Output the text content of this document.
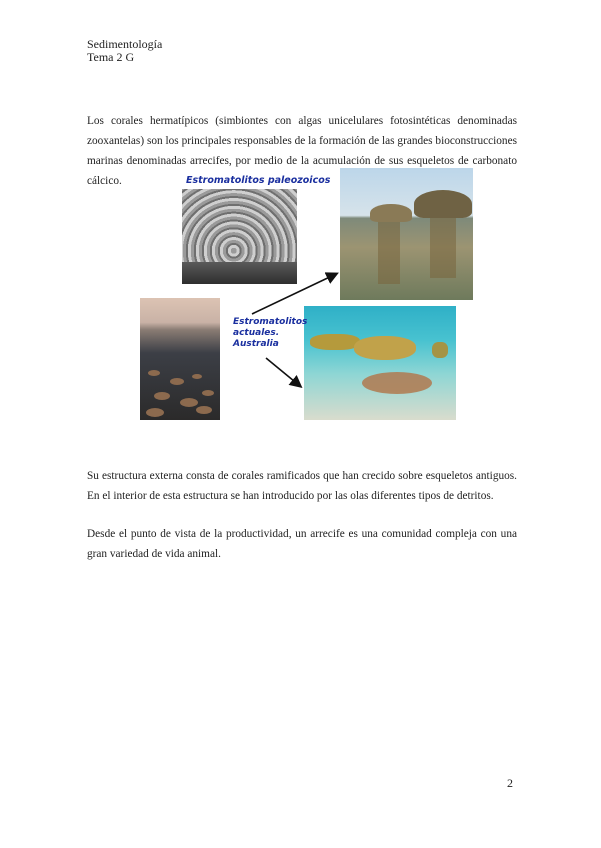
Sedimentología
Tema 2 G

Los corales hermatípicos (simbiontes con algas unicelulares fotosintéticas denominadas zooxantelas) son los principales responsables de la formación de las grandes bioconstrucciones marinas denominadas arrecifes, por medio de la acumulación de sus esqueletos de carbonato cálcico.	Estromatolitos paleozoicos
Estromatolitos
actuales.
Australia

Su estructura externa consta de corales ramificados que han crecido sobre esqueletos antiguos. En el interior de esta estructura se han introducido por las olas diferentes tipos de detritos.

Desde el punto de vista de la productividad, un arrecife es una comunidad compleja con una gran variedad de vida animal.

2
